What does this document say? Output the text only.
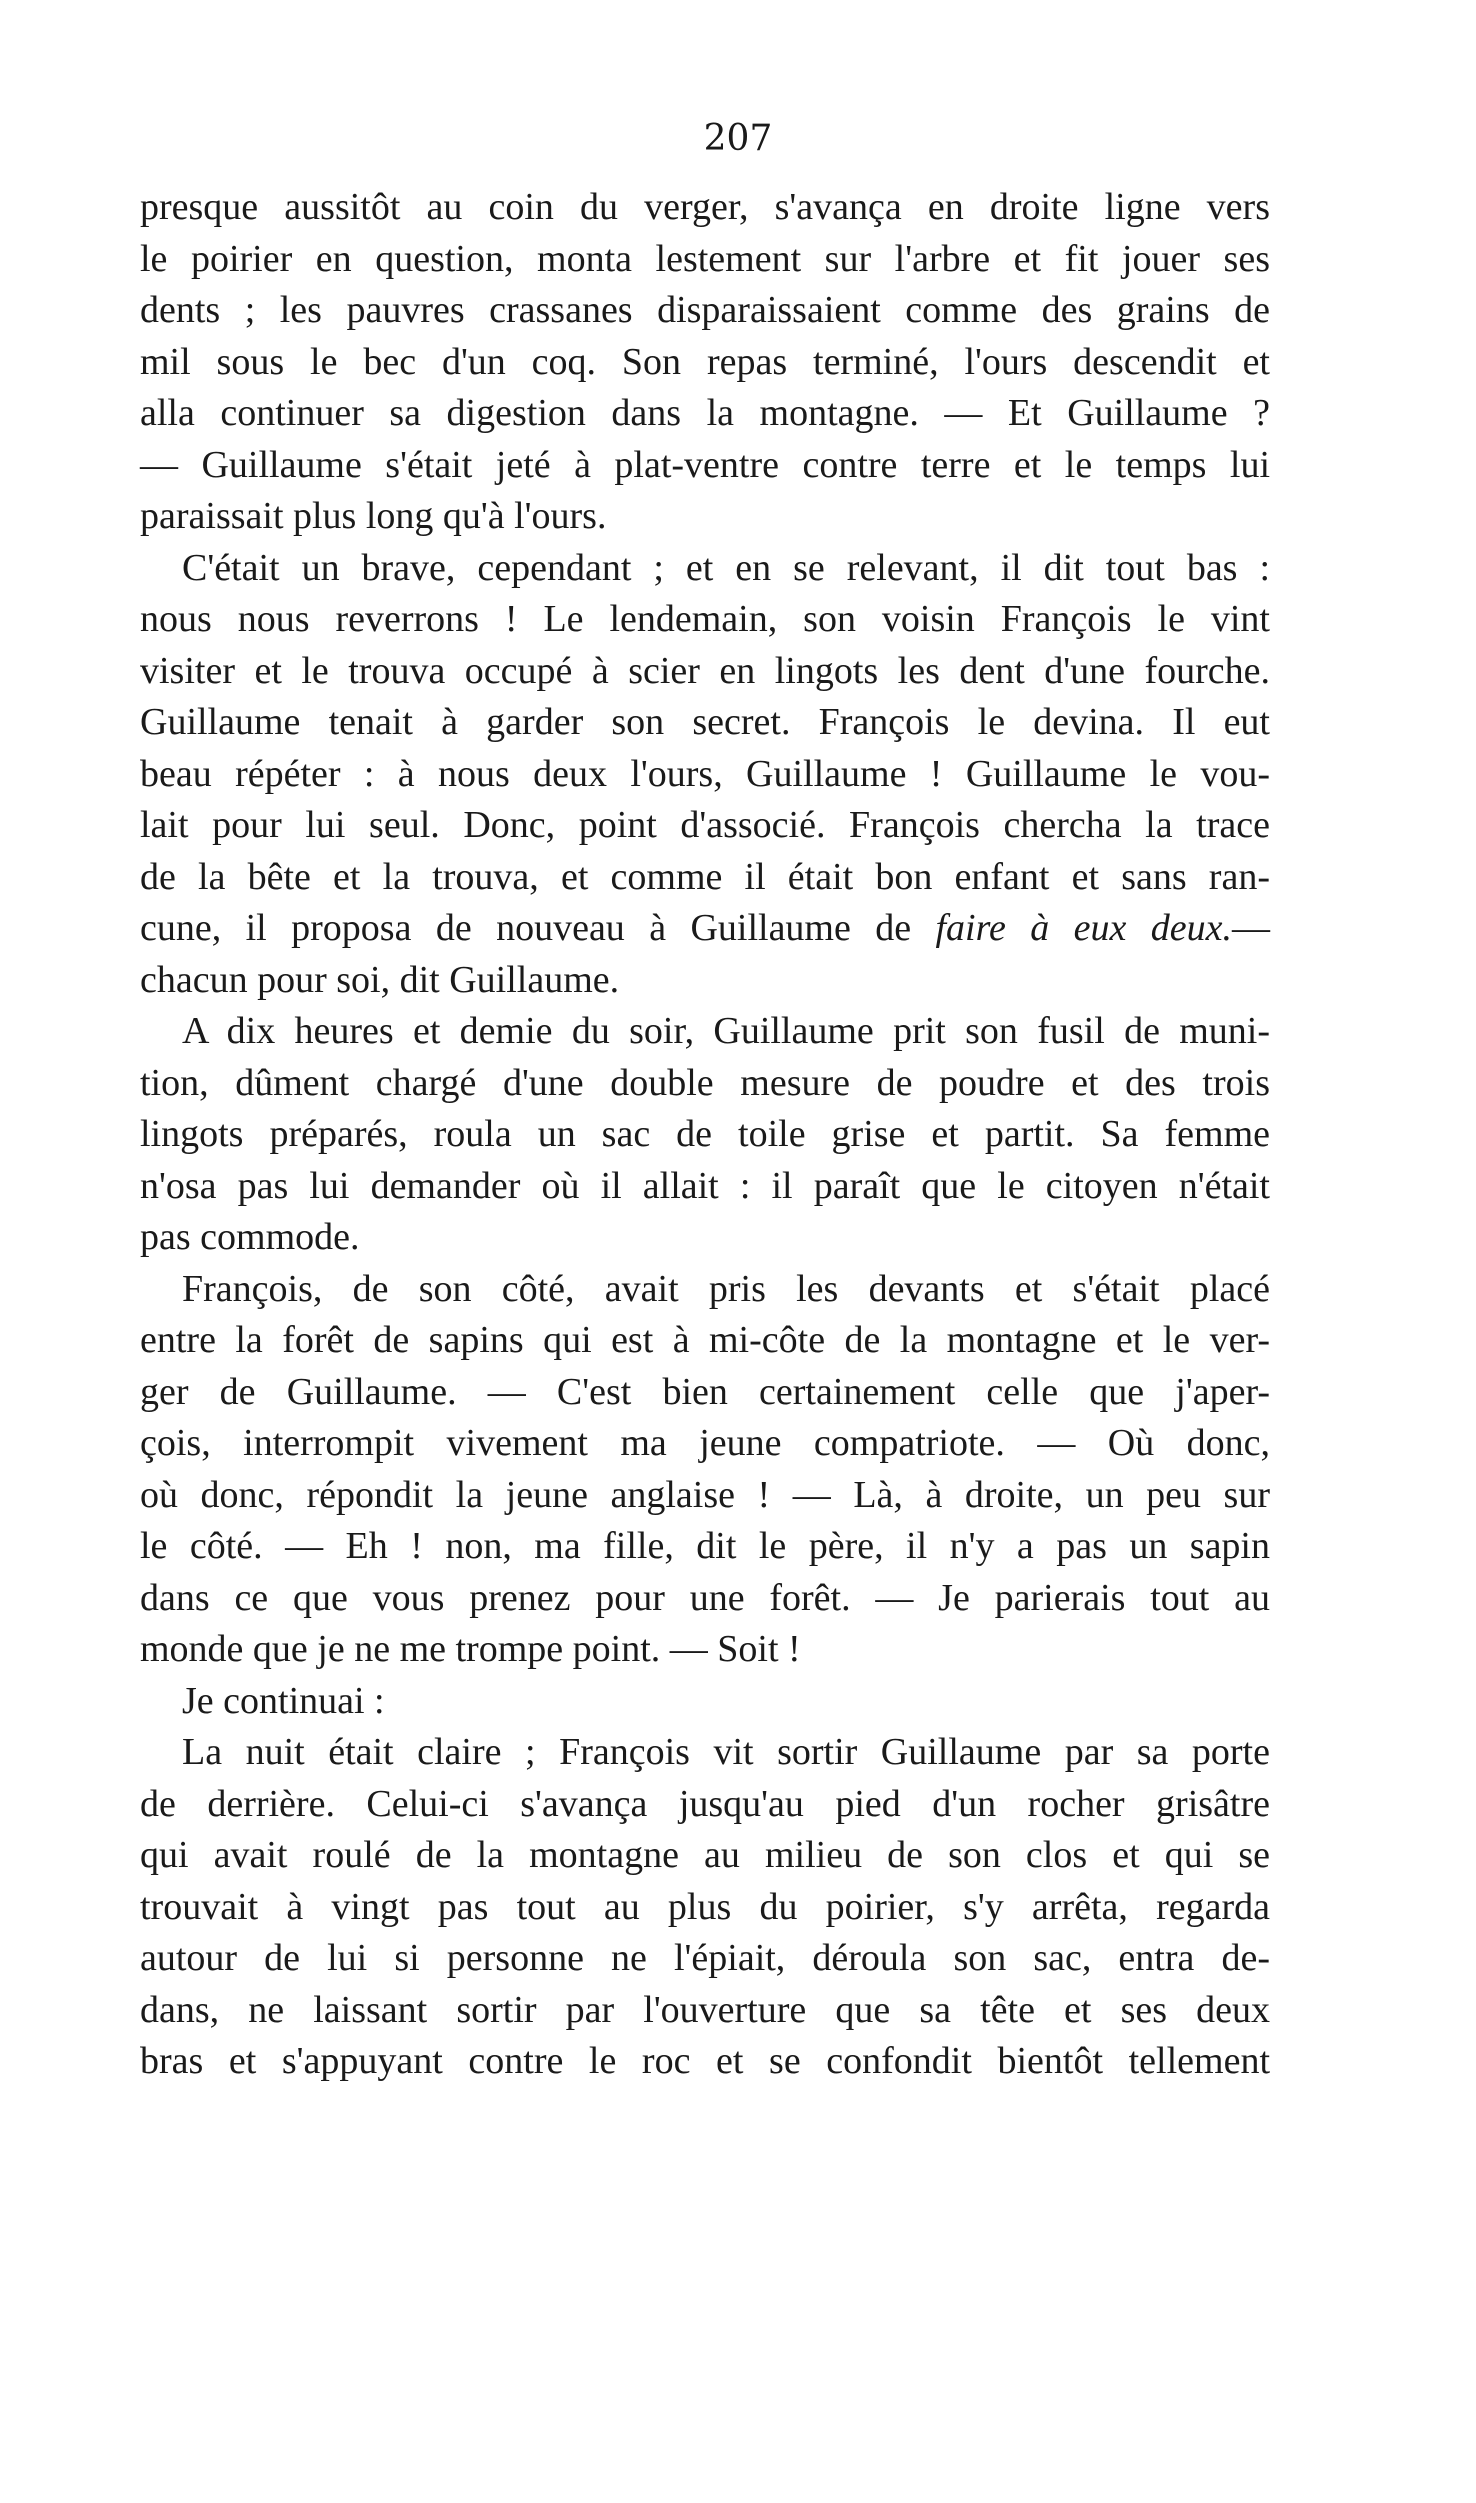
207

presque aussitôt au coin du verger, s'avança en droite ligne vers

le poirier en question, monta lestement sur l'arbre et fit jouer ses

dents ; les pauvres crassanes disparaissaient comme des grains de

mil sous le bec d'un coq. Son repas terminé, l'ours descendit et

alla continuer sa digestion dans la montagne. — Et Guillaume ?

— Guillaume s'était jeté à plat-ventre contre terre et le temps lui

paraissait plus long qu'à l'ours.

C'était un brave, cependant ; et en se relevant, il dit tout bas :

nous nous reverrons ! Le lendemain, son voisin François le vint

visiter et le trouva occupé à scier en lingots les dent d'une fourche.

Guillaume tenait à garder son secret. François le devina. Il eut

beau répéter : à nous deux l'ours, Guillaume ! Guillaume le vou-

lait pour lui seul. Donc, point d'associé. François chercha la trace

de la bête et la trouva, et comme il était bon enfant et sans ran-

cune, il proposa de nouveau à Guillaume de faire à eux deux.—

chacun pour soi, dit Guillaume.

A dix heures et demie du soir, Guillaume prit son fusil de muni-

tion, dûment chargé d'une double mesure de poudre et des trois

lingots préparés, roula un sac de toile grise et partit. Sa femme

n'osa pas lui demander où il allait : il paraît que le citoyen n'était

pas commode.

François, de son côté, avait pris les devants et s'était placé

entre la forêt de sapins qui est à mi-côte de la montagne et le ver-

ger de Guillaume. — C'est bien certainement celle que j'aper-

çois, interrompit vivement ma jeune compatriote. — Où donc,

où donc, répondit la jeune anglaise ! — Là, à droite, un peu sur

le côté. — Eh ! non, ma fille, dit le père, il n'y a pas un sapin

dans ce que vous prenez pour une forêt. — Je parierais tout au

monde que je ne me trompe point. — Soit !

Je continuai :

La nuit était claire ; François vit sortir Guillaume par sa porte

de derrière. Celui-ci s'avança jusqu'au pied d'un rocher grisâtre

qui avait roulé de la montagne au milieu de son clos et qui se

trouvait à vingt pas tout au plus du poirier, s'y arrêta, regarda

autour de lui si personne ne l'épiait, déroula son sac, entra de-

dans, ne laissant sortir par l'ouverture que sa tête et ses deux

bras et s'appuyant contre le roc et se confondit bientôt tellement
